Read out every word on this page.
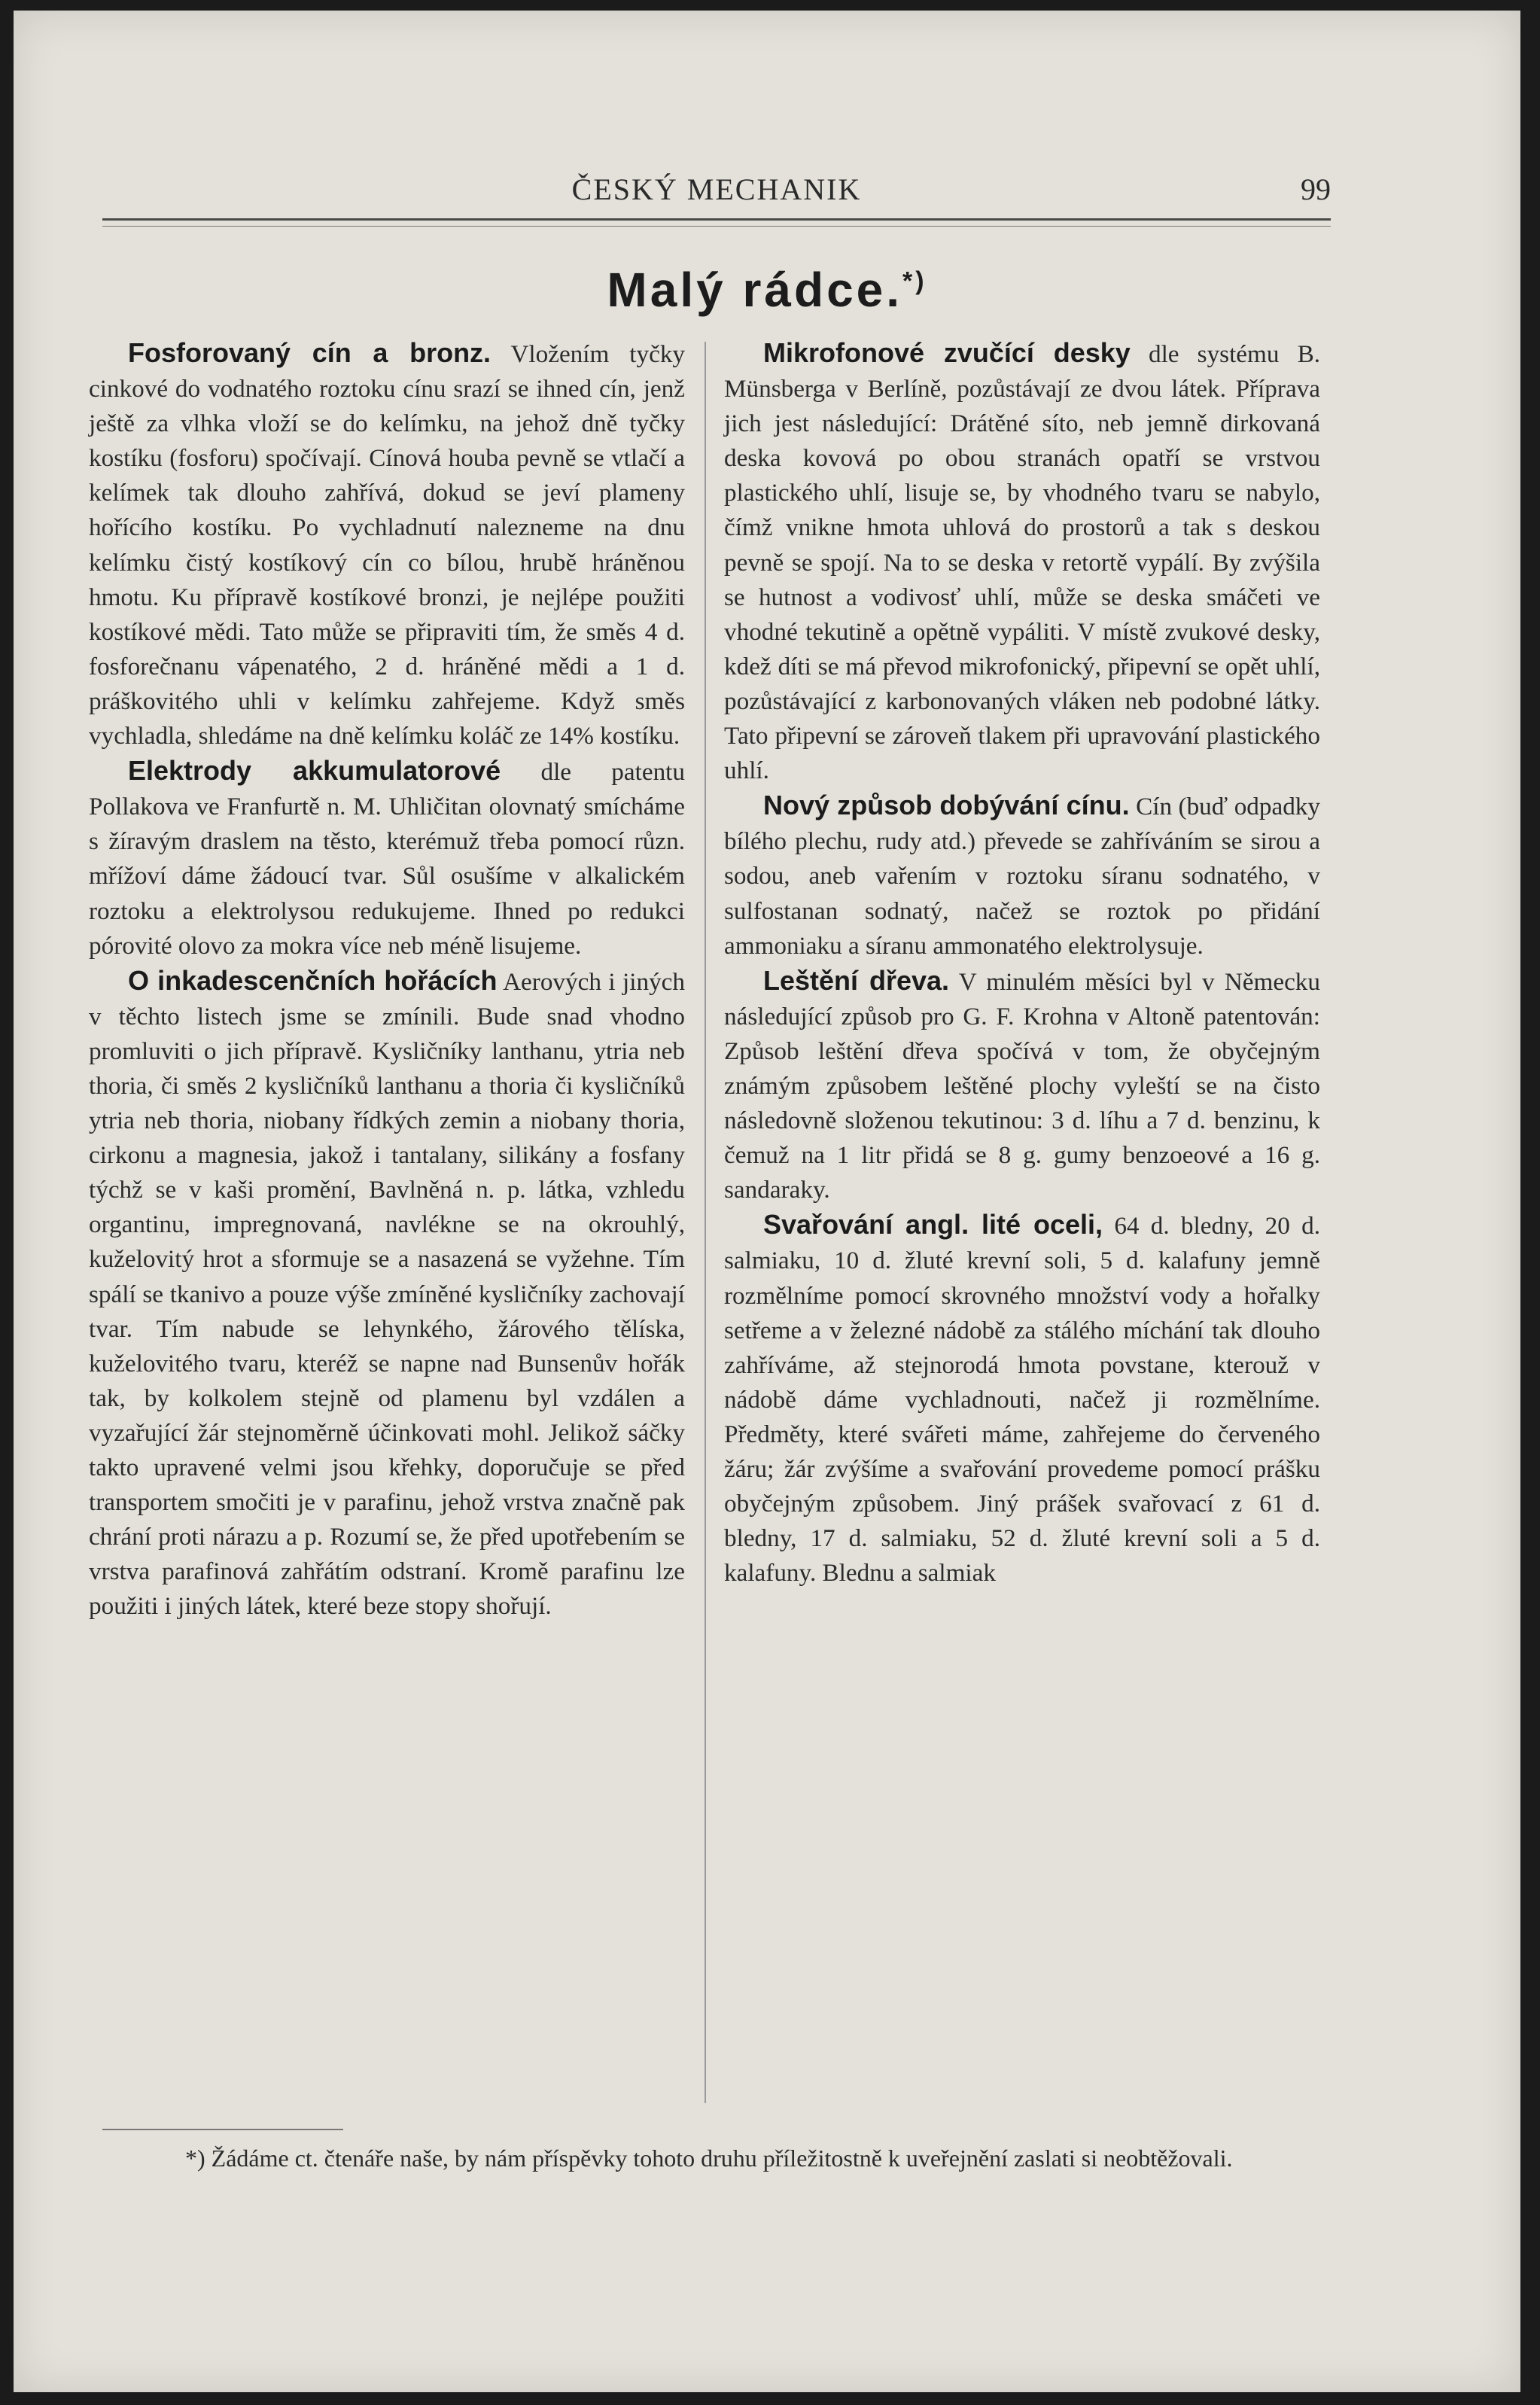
ČESKÝ MECHANIK	99
Malý rádce.*)

Fosforovaný cín a bronz. Vložením tyčky cinkové do vodnatého roztoku cínu srazí se ihned cín, jenž ještě za vlhka vloží se do kelímku, na jehož dně tyčky kostíku (fosforu) spočívají. Cínová houba pevně se vtlačí a kelímek tak dlouho zahřívá, dokud se jeví plameny hořícího kostíku. Po vychladnutí nalezneme na dnu kelímku čistý kostíkový cín co bílou, hrubě hráněnou hmotu. Ku přípravě kostíkové bronzi, je nejlépe použiti kostíkové mědi. Tato může se připraviti tím, že směs 4 d. fosforečnanu vápenatého, 2 d. hráněné mědi a 1 d. práškovitého uhli v kelímku zahřejeme. Když směs vychladla, shledáme na dně kelímku koláč ze 14% kostíku.

Elektrody akkumulatorové dle patentu Pollakova ve Franfurtě n. M. Uhličitan olovnatý smícháme s žíravým draslem na těsto, kterémuž třeba pomocí různ. mřížoví dáme žádoucí tvar. Sůl osušíme v alkalickém roztoku a elektrolysou redukujeme. Ihned po redukci pórovité olovo za mokra více neb méně lisujeme.

O inkadescenčních hořácích Aerových i jiných v těchto listech jsme se zmínili. Bude snad vhodno promluviti o jich přípravě. Kysličníky lanthanu, ytria neb thoria, či směs 2 kysličníků lanthanu a thoria či kysličníků ytria neb thoria, niobany řídkých zemin a niobany thoria, cirkonu a magnesia, jakož i tantalany, silikány a fosfany týchž se v kaši promění, Bavlněná n. p. látka, vzhledu organtinu, impregnovaná, navlékne se na okrouhlý, kuželovitý hrot a sformuje se a nasazená se vyžehne. Tím spálí se tkanivo a pouze výše zmíněné kysličníky zachovají tvar. Tím nabude se lehynkého, žárového tělíska, kuželovitého tvaru, kteréž se napne nad Bunsenův hořák tak, by kolkolem stejně od plamenu byl vzdálen a vyzařující žár stejnoměrně účinkovati mohl. Jelikož sáčky takto upravené velmi jsou křehky, doporučuje se před transportem smočiti je v parafinu, jehož vrstva značně pak chrání proti nárazu a p. Rozumí se, že před upotřebením se vrstva parafinová zahřátím odstraní. Kromě parafinu lze použiti i jiných látek, které beze stopy shořují.

Mikrofonové zvučící desky dle systému B. Münsberga v Berlíně, pozůstávají ze dvou látek. Příprava jich jest následující: Drátěné síto, neb jemně dirkovaná deska kovová po obou stranách opatří se vrstvou plastického uhlí, lisuje se, by vhodného tvaru se nabylo, čímž vnikne hmota uhlová do prostorů a tak s deskou pevně se spojí. Na to se deska v retortě vypálí. By zvýšila se hutnost a vodivosť uhlí, může se deska smáčeti ve vhodné tekutině a opětně vypáliti. V místě zvukové desky, kdež díti se má převod mikrofonický, připevní se opět uhlí, pozůstávající z karbonovaných vláken neb podobné látky. Tato připevní se zároveň tlakem při upravování plastického uhlí.

Nový způsob dobývání cínu. Cín (buď odpadky bílého plechu, rudy atd.) převede se zahříváním se sirou a sodou, aneb vařením v roztoku síranu sodnatého, v sulfostanan sodnatý, načež se roztok po přidání ammoniaku a síranu ammonatého elektrolysuje.

Leštění dřeva. V minulém měsíci byl v Německu následující způsob pro G. F. Krohna v Altoně patentován: Způsob leštění dřeva spočívá v tom, že obyčejným známým způsobem leštěné plochy vyleští se na čisto následovně složenou tekutinou: 3 d. líhu a 7 d. benzinu, k čemuž na 1 litr přidá se 8 g. gumy benzoeové a 16 g. sandaraky.

Svařování angl. lité oceli, 64 d. bledny, 20 d. salmiaku, 10 d. žluté krevní soli, 5 d. kalafuny jemně rozmělníme pomocí skrovného množství vody a hořalky setřeme a v železné nádobě za stálého míchání tak dlouho zahříváme, až stejnorodá hmota povstane, kterouž v nádobě dáme vychladnouti, načež ji rozmělníme. Předměty, které svářeti máme, zahřejeme do červeného žáru; žár zvýšíme a svařování provedeme pomocí prášku obyčejným způsobem. Jiný prášek svařovací z 61 d. bledny, 17 d. salmiaku, 52 d. žluté krevní soli a 5 d. kalafuny. Blednu a salmiak

*) Žádáme ct. čtenáře naše, by nám příspěvky tohoto druhu příležitostně k uveřejnění zaslati si neobtěžovali.
